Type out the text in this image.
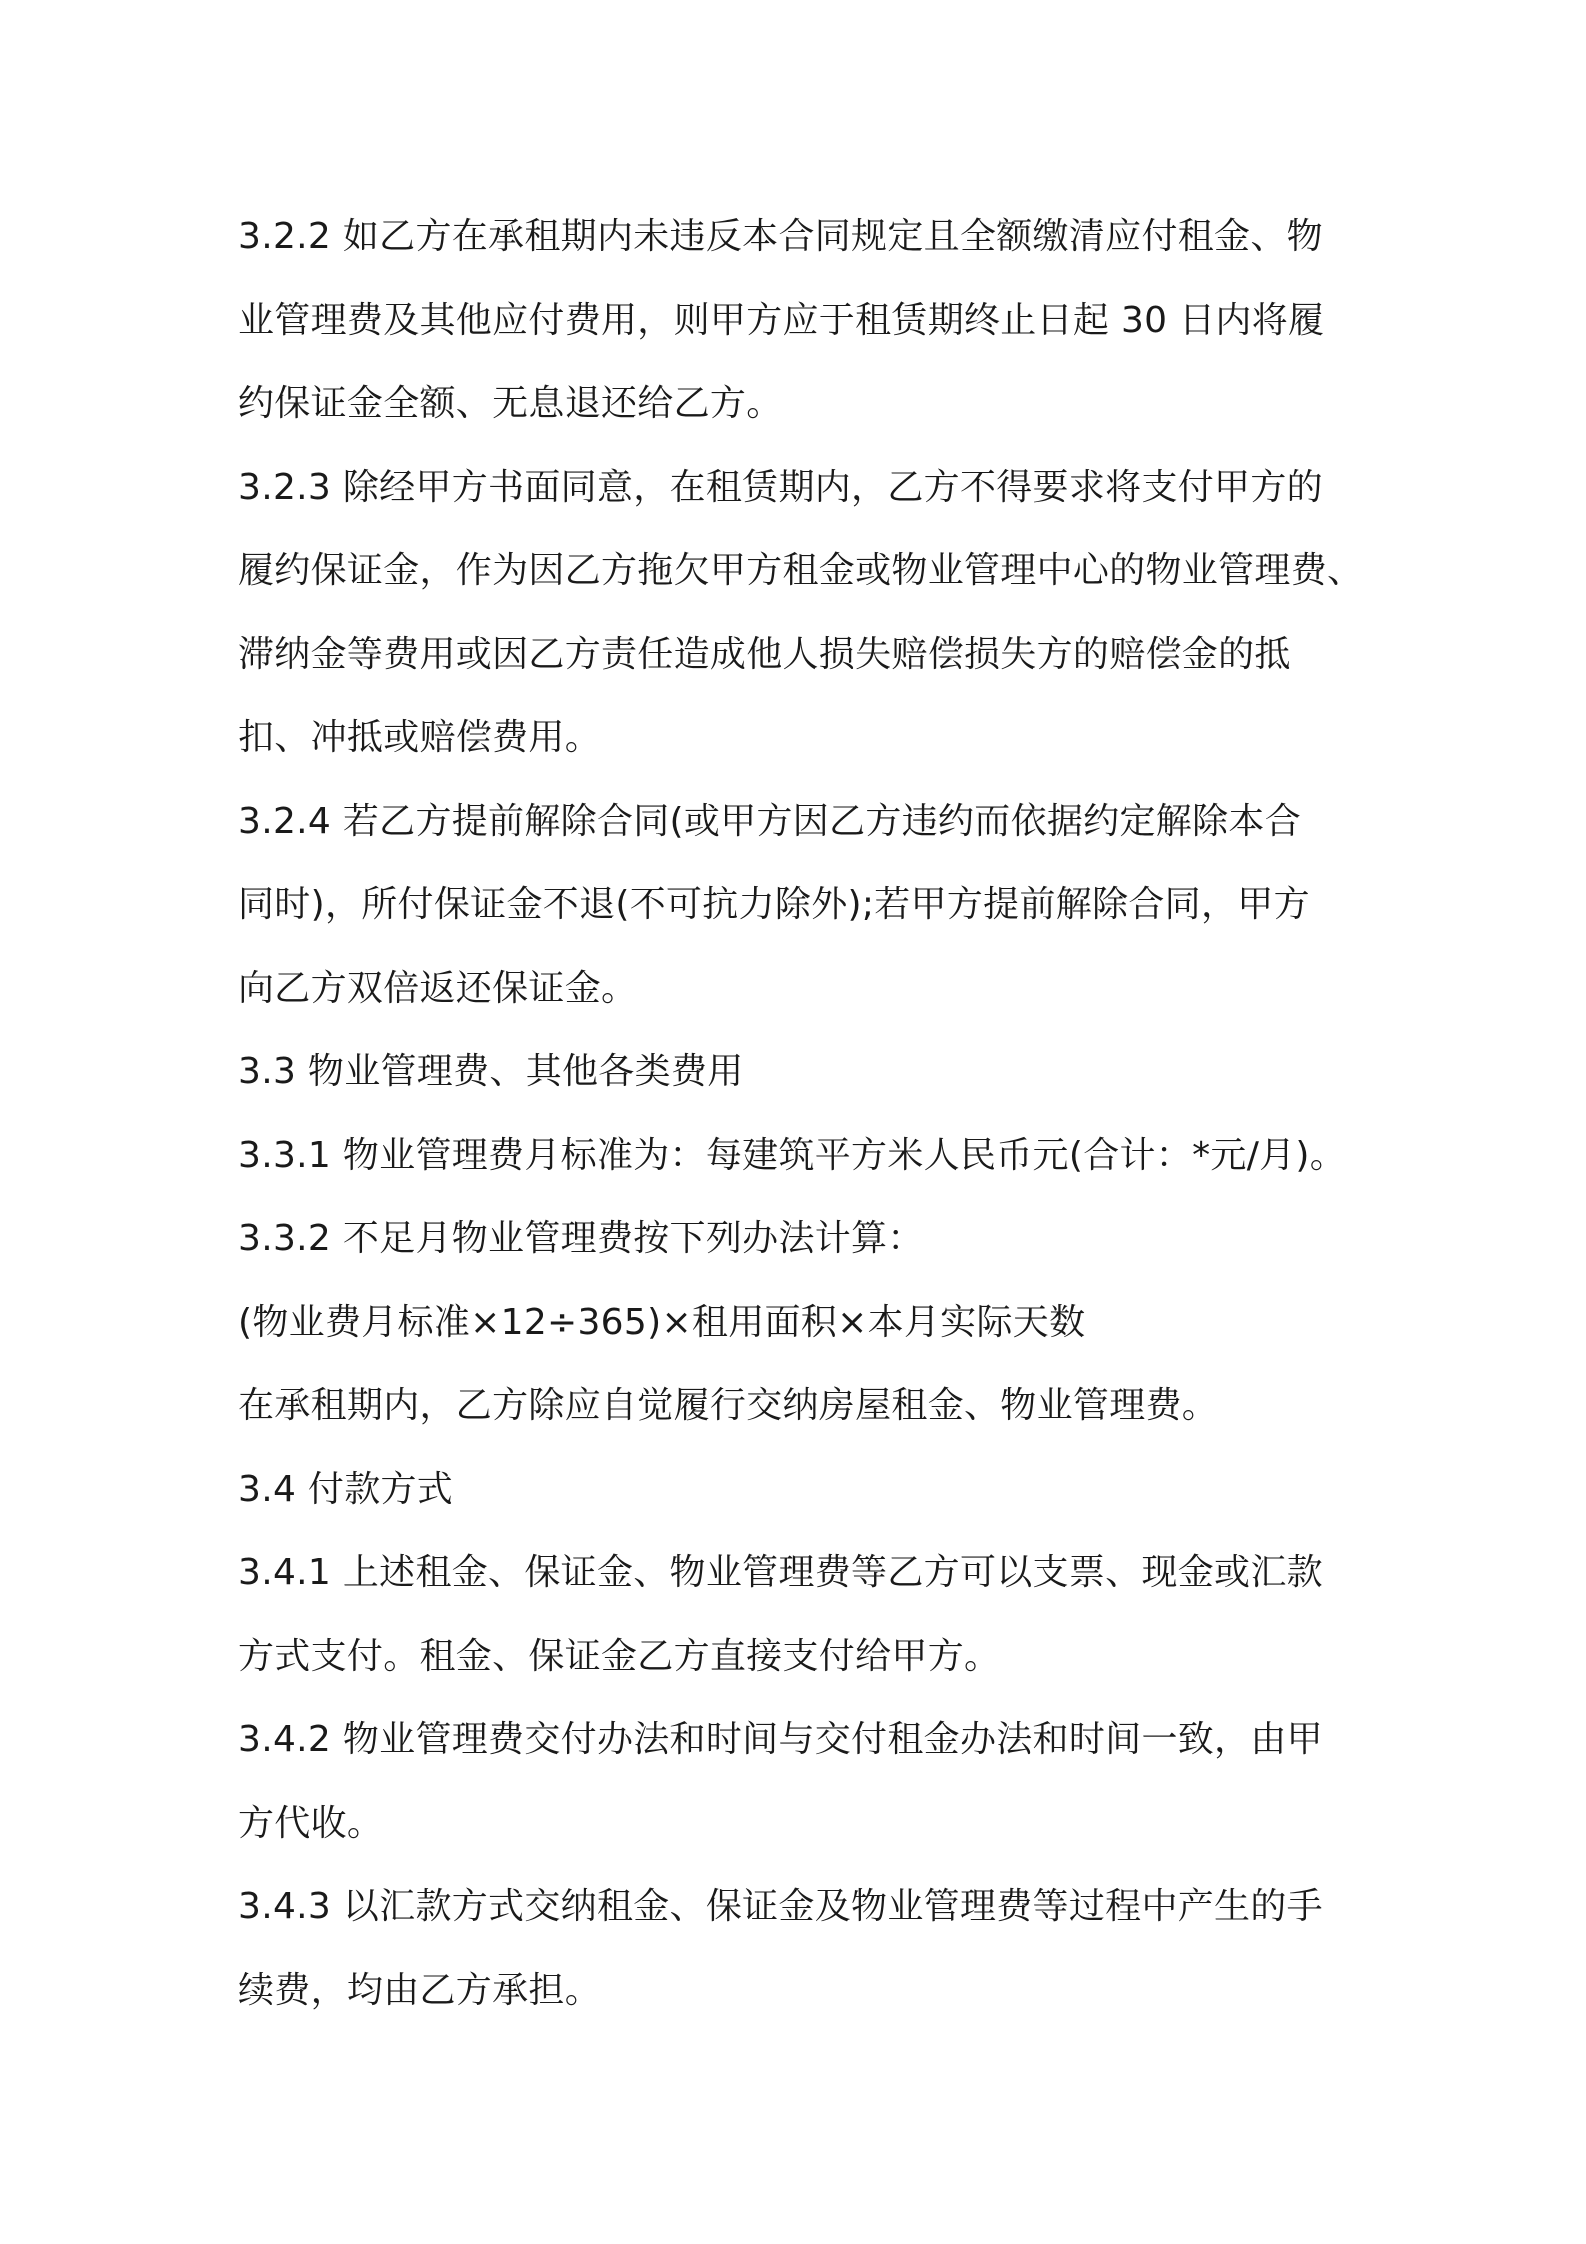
3.2.2 如乙方在承租期内未违反本合同规定且全额缴清应付租金、物
业管理费及其他应付费用，则甲方应于租赁期终止日起 30 日内将履
约保证金全额、无息退还给乙方。
3.2.3 除经甲方书面同意，在租赁期内，乙方不得要求将支付甲方的
履约保证金，作为因乙方拖欠甲方租金或物业管理中心的物业管理费、
滞纳金等费用或因乙方责任造成他人损失赔偿损失方的赔偿金的抵
扣、冲抵或赔偿费用。
3.2.4 若乙方提前解除合同(或甲方因乙方违约而依据约定解除本合
同时)，所付保证金不退(不可抗力除外);若甲方提前解除合同，甲方
向乙方双倍返还保证金。
3.3 物业管理费、其他各类费用
3.3.1 物业管理费月标准为：每建筑平方米人民币元(合计：*元/月)。
3.3.2 不足月物业管理费按下列办法计算：
(物业费月标准×12÷365)×租用面积×本月实际天数
在承租期内，乙方除应自觉履行交纳房屋租金、物业管理费。
3.4 付款方式
3.4.1 上述租金、保证金、物业管理费等乙方可以支票、现金或汇款
方式支付。租金、保证金乙方直接支付给甲方。
3.4.2 物业管理费交付办法和时间与交付租金办法和时间一致，由甲
方代收。
3.4.3 以汇款方式交纳租金、保证金及物业管理费等过程中产生的手
续费，均由乙方承担。
